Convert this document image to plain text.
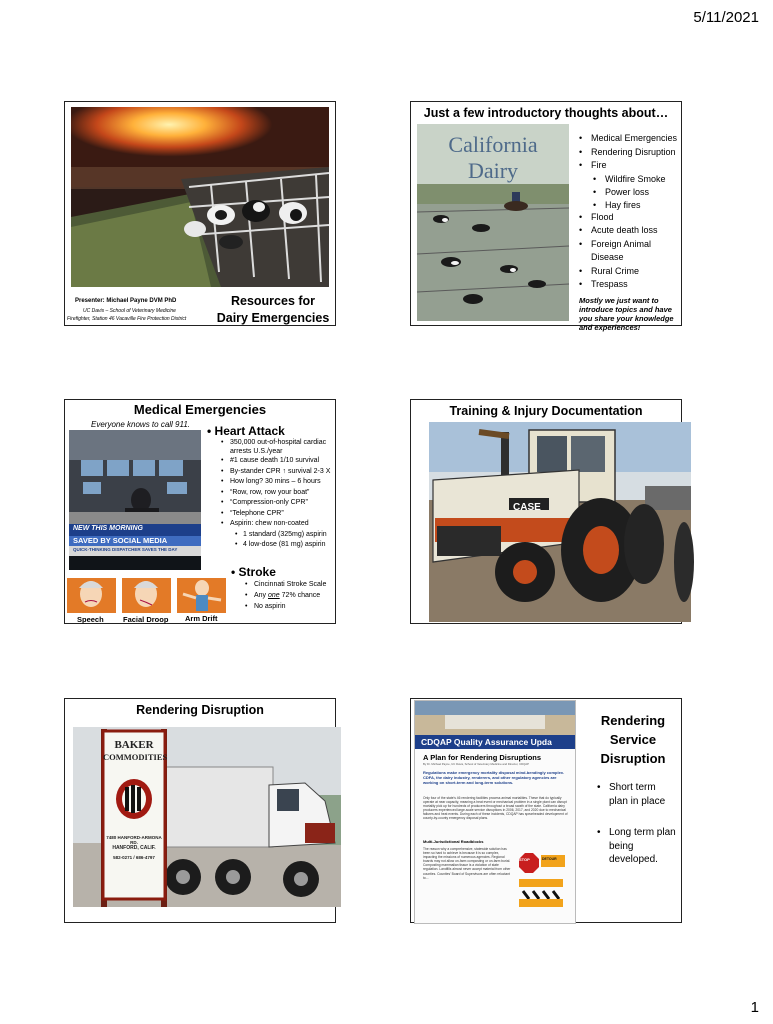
5/11/2021
Presenter: Michael Payne DVM PhD
UC Davis – School of Veterinary Medicine
Firefighter, Station 46 Vacaville Fire Protection District
Resources for
Dairy Emergencies
Just a few introductory thoughts about…
California Dairy
• Medical Emergencies
• Rendering Disruption
• Fire
• Wildfire Smoke
• Power loss
• Hay fires
• Flood
• Acute death loss
• Foreign Animal Disease
• Rural Crime
• Trespass
Mostly we just want to introduce topics and have you share your knowledge and experiences!
Medical Emergencies
Everyone knows to call 911.
NEW THIS MORNING
SAVED BY SOCIAL MEDIA
QUICK-THINKING DISPATCHER SAVES THE DAY
Speech	Facial Droop Arm Drift
• Heart Attack
• 350,000 out-of-hospital cardiac arrests U.S./year
• #1 cause death 1/10 survival
• By-stander CPR ↑ survival 2-3 X
• How long? 30 mins – 6 hours
• “Row, row, row your boat”
• “Compression-only CPR”
• “Telephone CPR”
• Aspirin: chew non-coated
• 1 standard (325mg) aspirin
• 4 low-dose (81 mg) aspirin
• Stroke
• Cincinnati Stroke Scale
• Any one 72% chance
• No aspirin
Training & Injury Documentation
CASE
Rendering Disruption
BAKER
COMMODITIES
7480 HANFORD-ARMONA RD.
HANFORD, CALIF.
582-0271 / 686-4797
CDQAP Quality Assurance Upda
A Plan for Rendering Disruptions
By Dr. Michael Payne, UC Davis, School of Veterinary Medicine and Director, CDQAP
Regulations make emergency mortality disposal mind-bendingly complex. CDFA, the dairy industry, renderers, and other regulatory agencies are working on short-term and long-term solutions.
Only four of the state's 46 rendering facilities process animal mortalities. These that do typically operate at near capacity, meaning a heat event or mechanical problem in a single plant can disrupt mortality pick up for hundreds of producers throughout a broad swath of the state. California dairy producers experienced large-scale service disruptions in 2006, 2017, and 2020 due to mechanical failures and heat events. During each of these incidents, CDQAP has spearheaded development of county-by-county emergency disposal plans.
Multi-Jurisdictional Roadblocks
The reason why a comprehensive, statewide solution has been so hard to achieve is because it is so complex, impacting the missions of numerous agencies. Regional boards may not allow on-farm composting or on-farm burial. Composting mammalian tissue is a violation of state regulation. Landfills almost never accept material from other counties. Counties' Board of Supervisors are often reluctant to...
STOP	DETOUR
Rendering
Service
Disruption
• Short term plan in place
• Long term plan being developed.
1
